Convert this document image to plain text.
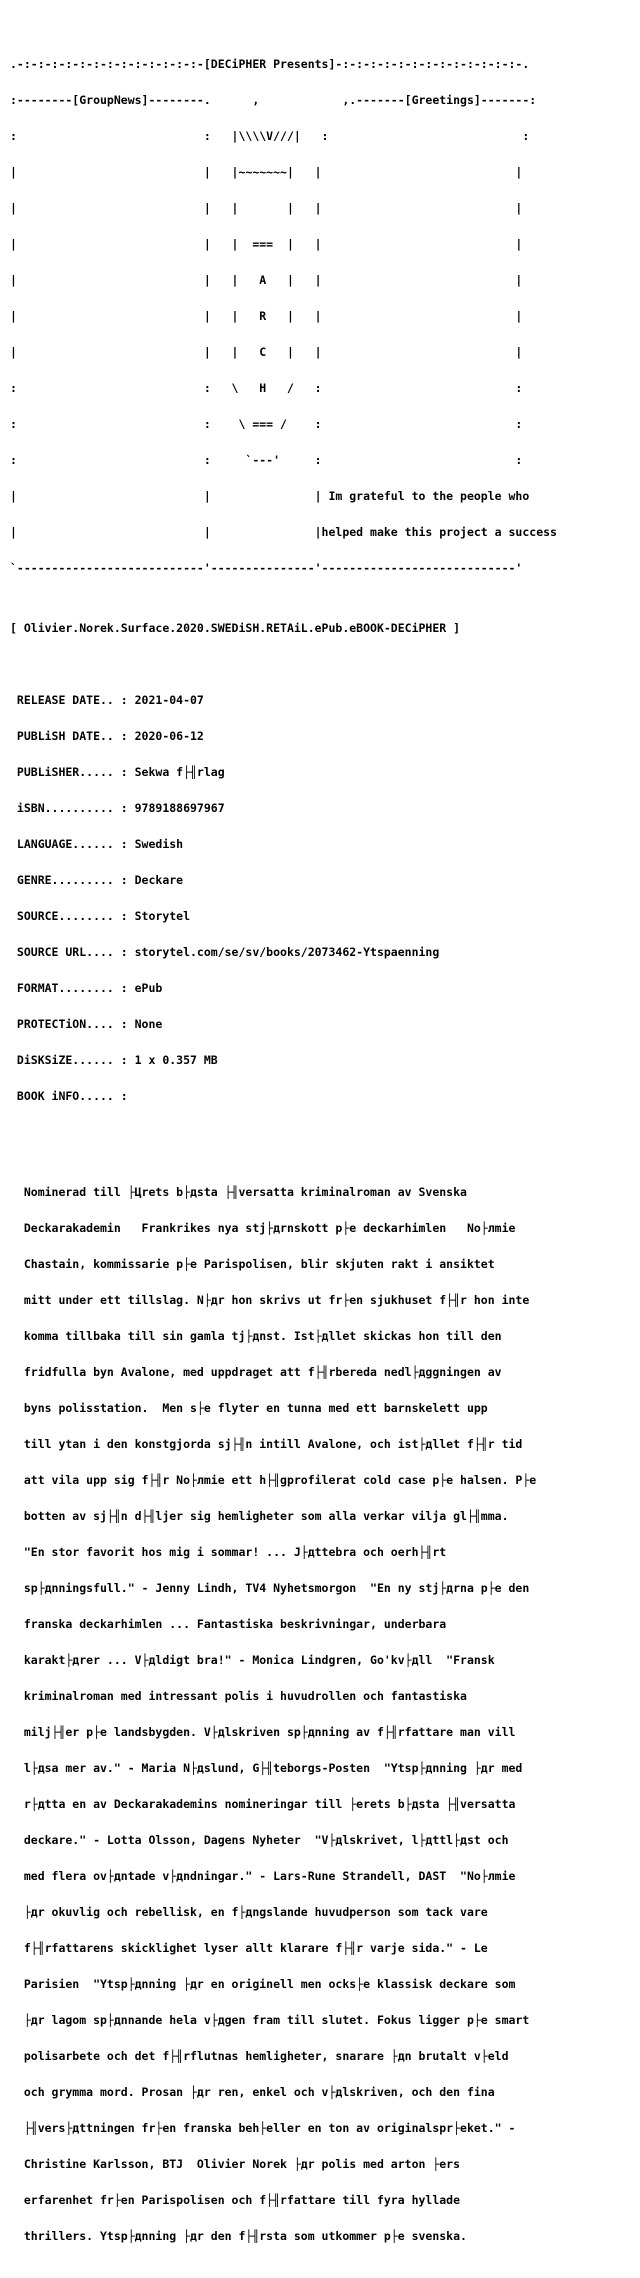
.-:-:-:-:-:-:-:-:-:-:-:-:-:-[DECiPHER Presents]-:-:-:-:-:-:-:-:-:-:-:-:-:-.

:--------[GroupNews]--------.      ,            ,.-------[Greetings]-------:

:                           :   |\\\\V///|   :                            :

|                           |   |~~~~~~~|   |                            |

|                           |   |       |   |                            |

|                           |   |  ===  |   |                            |

|                           |   |   A   |   |                            |

|                           |   |   R   |   |                            |

|                           |   |   C   |   |                            |

:                           :   \   H   /   :                            :

:                           :    \ === /    :                            :

:                           :     `---'     :                            :

|                           |               | Im grateful to the people who

|                           |               |helped make this project a success

`---------------------------'---------------'----------------------------'

[ Olivier.Norek.Surface.2020.SWEDiSH.RETAiL.ePub.eBOOK-DECiPHER ]

RELEASE DATE.. : 2021-04-07

PUBLiSH DATE.. : 2020-06-12

PUBLiSHER..... : Sekwa f├╢rlag

iSBN.......... : 9789188697967

LANGUAGE...... : Swedish

GENRE......... : Deckare

SOURCE........ : Storytel

SOURCE URL.... : storytel.com/se/sv/books/2073462-Ytspaenning

FORMAT........ : ePub

PROTECTiON.... : None

DiSKSiZE...... : 1 x 0.357 MB

BOOK iNFO..... :

Nominerad till ├Цrets b├дsta ├╢versatta kriminalroman av Svenska

Deckarakademin   Frankrikes nya stj├дrnskott p├е deckarhimlen   No├лmie

Chastain, kommissarie p├е Parispolisen, blir skjuten rakt i ansiktet

mitt under ett tillslag. N├дr hon skrivs ut fr├еn sjukhuset f├╢r hon inte

komma tillbaka till sin gamla tj├дnst. Ist├дllet skickas hon till den

fridfulla byn Avalone, med uppdraget att f├╢rbereda nedl├дggningen av

byns polisstation.  Men s├е flyter en tunna med ett barnskelett upp

till ytan i den konstgjorda sj├╢n intill Avalone, och ist├дllet f├╢r tid

att vila upp sig f├╢r No├лmie ett h├╢gprofilerat cold case p├е halsen. P├е

botten av sj├╢n d├╢ljer sig hemligheter som alla verkar vilja gl├╢mma.

"En stor favorit hos mig i sommar! ... J├дttebra och oerh├╢rt

sp├дnningsfull." - Jenny Lindh, TV4 Nyhetsmorgon  "En ny stj├дrna p├е den

franska deckarhimlen ... Fantastiska beskrivningar, underbara

karakt├дrer ... V├дldigt bra!" - Monica Lindgren, Go'kv├дll  "Fransk

kriminalroman med intressant polis i huvudrollen och fantastiska

milj├╢er p├е landsbygden. V├дlskriven sp├дnning av f├╢rfattare man vill

l├дsa mer av." - Maria N├дslund, G├╢teborgs-Posten  "Ytsp├дnning ├дr med

r├дtta en av Deckarakademins nomineringar till ├еrets b├дsta ├╢versatta

deckare." - Lotta Olsson, Dagens Nyheter  "V├дlskrivet, l├дttl├дst och

med flera ov├дntade v├дndningar." - Lars-Rune Strandell, DAST  "No├лmie

├дr okuvlig och rebellisk, en f├дngslande huvudperson som tack vare

f├╢rfattarens skicklighet lyser allt klarare f├╢r varje sida." - Le

Parisien  "Ytsp├дnning ├дr en originell men ocks├е klassisk deckare som

├дr lagom sp├дnnande hela v├дgen fram till slutet. Fokus ligger p├е smart

polisarbete och det f├╢rflutnas hemligheter, snarare ├дn brutalt v├еld

och grymma mord. Prosan ├дr ren, enkel och v├дlskriven, och den fina

├╢vers├дttningen fr├еn franska beh├еller en ton av originalspr├еket." -

Christine Karlsson, BTJ  Olivier Norek ├дr polis med arton ├еrs

erfarenhet fr├еn Parispolisen och f├╢rfattare till fyra hyllade

thrillers. Ytsp├дnning ├дr den f├╢rsta som utkommer p├е svenska.
